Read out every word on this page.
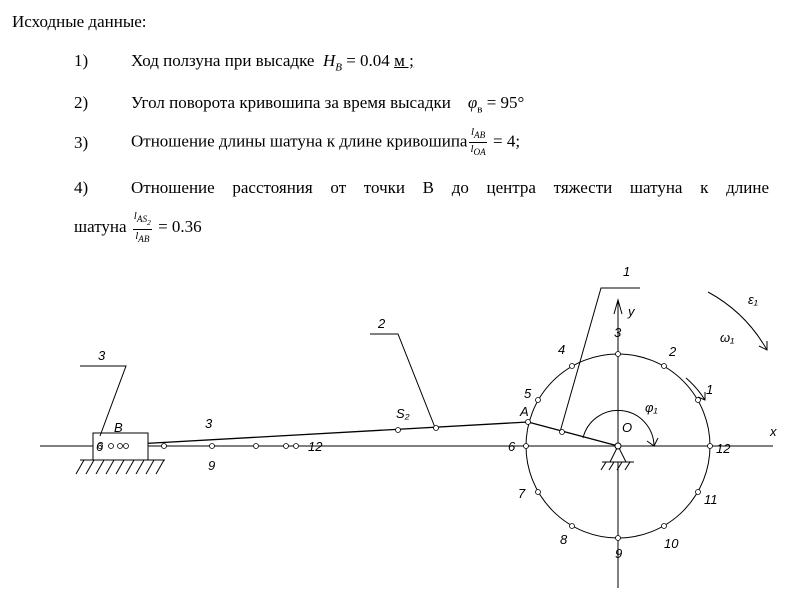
Исходные данные:
1)	Ход ползуна при высадке $H_B = 0.04$ м ;
2)	Угол поворота кривошипа за время высадки $\varphi_в = 95^\circ$
3)	Отношение длины шатуна к длине кривошипа $\frac{l_{AB}}{l_{OA}} = 4$;
4)	Отношение расстояния от точки В до центра тяжести шатуна к длине
шатуна $\frac{l_{AS_2}}{l_{AB}} = 0.36$
1
2
3
x
y
O
A
B
S₂
3
φ₁
ω₁
ε₁
12
1
2
3
4
5
6
7
8
9
10
11
6	12
9
